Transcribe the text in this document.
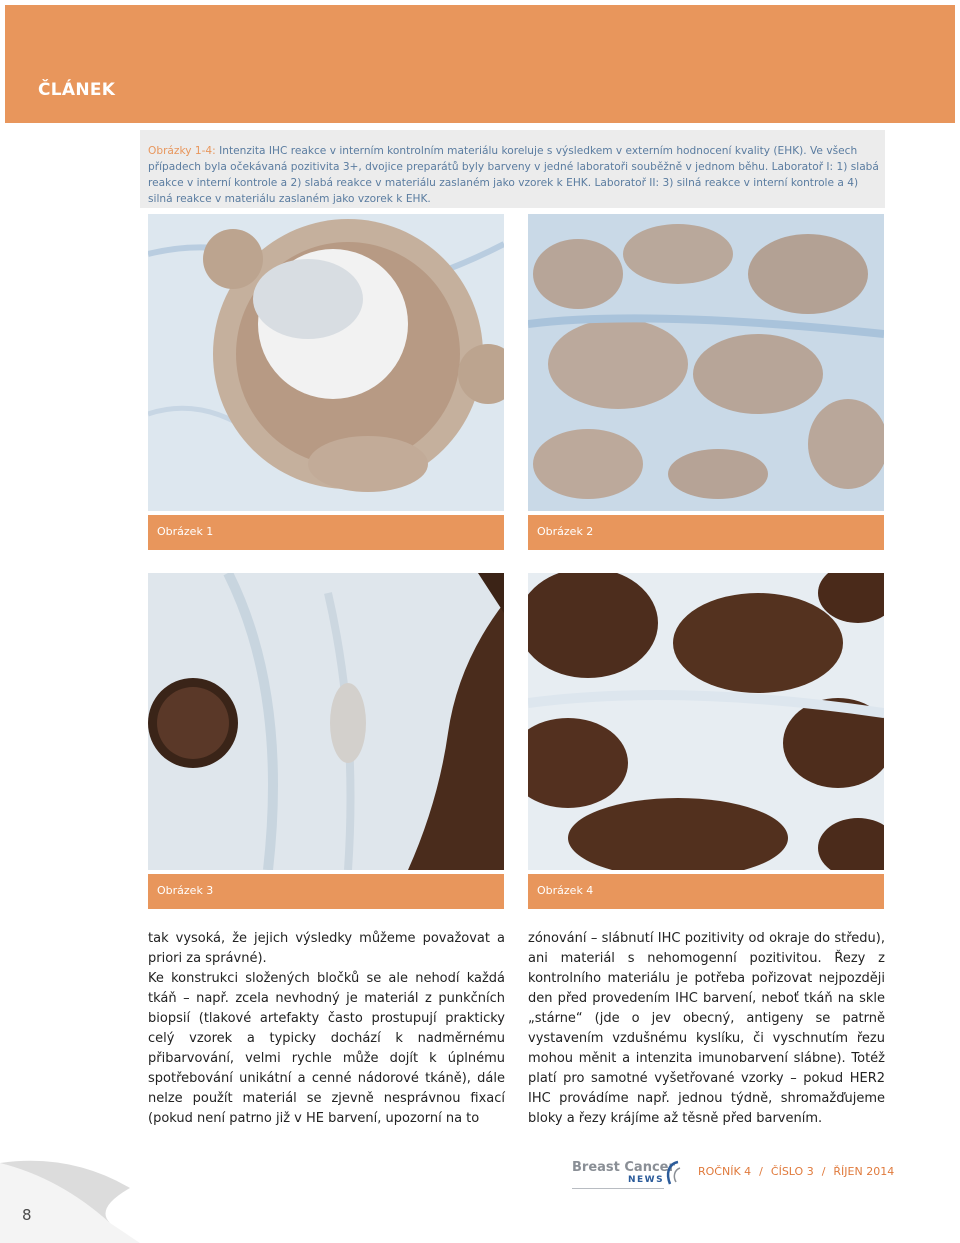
ČLÁNEK
Obrázky 1-4: Intenzita IHC reakce v interním kontrolním materiálu koreluje s výsledkem v externím hodnocení kvality (EHK). Ve všech případech byla očekávaná pozitivita 3+, dvojice preparátů byly barveny v jedné laboratoři souběžně v jednom běhu. Laboratoř I: 1) slabá reakce v interní kontrole a 2) slabá reakce v materiálu zaslaném jako vzorek k EHK. Laboratoř II: 3) silná reakce v interní kontrole a 4) silná reakce v materiálu zaslaném jako vzorek k EHK.
Obrázek 1	Obrázek 2
Obrázek 3	Obrázek 4

tak vysoká, že jejich výsledky můžeme považovat a priori za správné).

Ke konstrukci složených bločků se ale nehodí každá tkáň – např. zcela nevhodný je materiál z punkčních biopsií (tlakové artefakty často prostupují prakticky celý vzorek a typicky dochází k nadměrnému přibarvování, velmi rychle může dojít k úplnému spotřebování unikátní a cenné nádorové tkáně), dále nelze použít materiál se zjevně nesprávnou fixací (pokud není patrno již v HE barvení, upozorní na to

zónování – slábnutí IHC pozitivity od okraje do středu), ani materiál s nehomogenní pozitivitou. Řezy z kontrolního materiálu je potřeba pořizovat nejpozději den před provedením IHC barvení, neboť tkáň na skle „stárne“ (jde o jev obecný, antigeny se patrně vystavením vzdušnému kyslíku, či vyschnutím řezu mohou měnit a intenzita imunobarvení slábne). Totéž platí pro samotné vyšetřované vzorky – pokud HER2 IHC provádíme např. jednou týdně, shromažďujeme bloky a řezy krájíme až těsně před barvením.

8
Breast Cancer
NEWS
ROČNÍK 4 / ČÍSLO 3 / ŘÍJEN 2014
